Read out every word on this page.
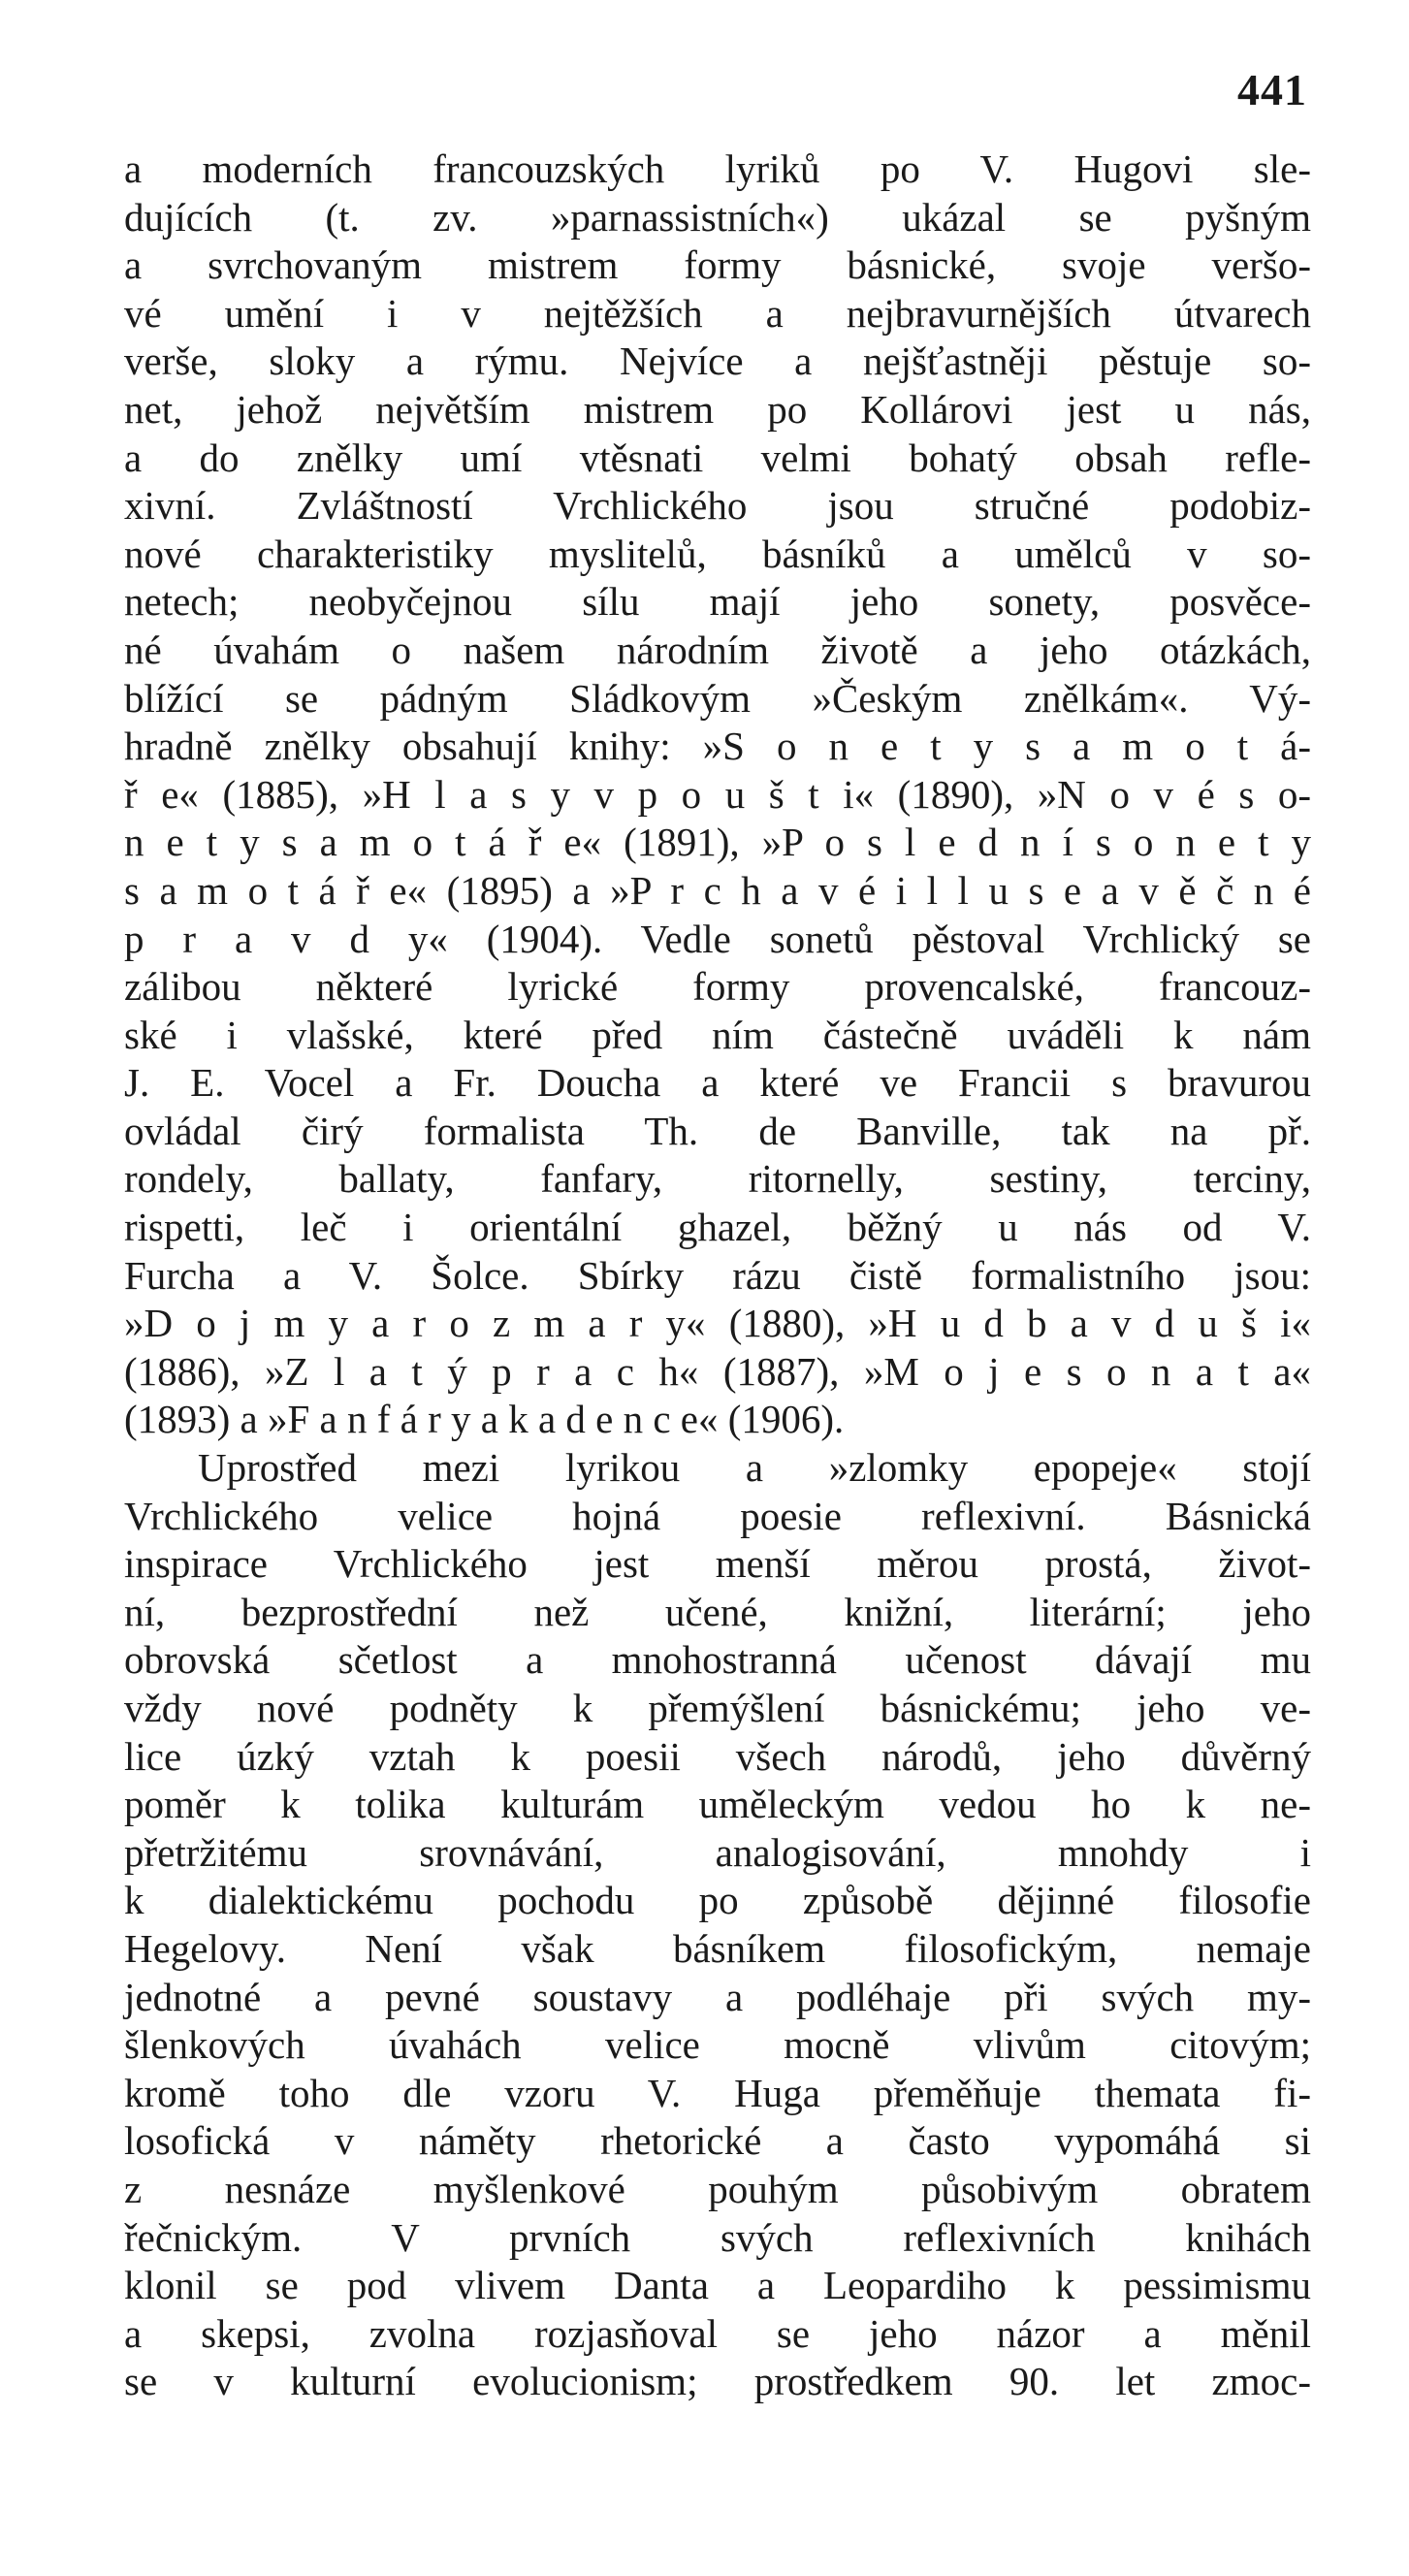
441
a moderních francouzských lyriků po V. Hugovi sle-
dujících (t. zv. »parnassistních«) ukázal se pyšným
a svrchovaným mistrem formy básnické, svoje veršo-
vé umění i v nejtěžších a nejbravurnějších útvarech
verše, sloky a rýmu. Nejvíce a nejšťastněji pěstuje so-
net, jehož největším mistrem po Kollárovi jest u nás,
a do znělky umí vtěsnati velmi bohatý obsah refle-
xivní. Zvláštností Vrchlického jsou stručné podobiz-
nové charakteristiky myslitelů, básníků a umělců v so-
netech; neobyčejnou sílu mají jeho sonety, posvěce-
né úvahám o našem národním životě a jeho otázkách,
blížící se pádným Sládkovým »Českým znělkám«. Vý-
hradně znělky obsahují knihy: »S o n e t y s a m o t á-
ř e« (1885), »H l a s y v p o u š t i« (1890), »N o v é s o-
n e t y s a m o t á ř e« (1891), »P o s l e d n í s o n e t y
s a m o t á ř e« (1895) a »P r c h a v é i l l u s e a v ě č n é
p r a v d y« (1904). Vedle sonetů pěstoval Vrchlický se
zálibou některé lyrické formy provencalské, francouz-
ské i vlašské, které před ním částečně uváděli k nám
J. E. Vocel a Fr. Doucha a které ve Francii s bravurou
ovládal čirý formalista Th. de Banville, tak na př.
rondely, ballaty, fanfary, ritornelly, sestiny, terciny,
rispetti, leč i orientální ghazel, běžný u nás od V.
Furcha a V. Šolce. Sbírky rázu čistě formalistního jsou:
»D o j m y a r o z m a r y« (1880), »H u d b a v d u š i«
(1886), »Z l a t ý p r a c h« (1887), »M o j e s o n a t a«
(1893) a »F a n f á r y a k a d e n c e« (1906).
Uprostřed mezi lyrikou a »zlomky epopeje« stojí
Vrchlického velice hojná poesie reflexivní. Básnická
inspirace Vrchlického jest menší měrou prostá, život-
ní, bezprostřední než učené, knižní, literární; jeho
obrovská sčetlost a mnohostranná učenost dávají mu
vždy nové podněty k přemýšlení básnickému; jeho ve-
lice úzký vztah k poesii všech národů, jeho důvěrný
poměr k tolika kulturám uměleckým vedou ho k ne-
přetržitému srovnávání, analogisování, mnohdy i
k dialektickému pochodu po způsobě dějinné filosofie
Hegelovy. Není však básníkem filosofickým, nemaje
jednotné a pevné soustavy a podléhaje při svých my-
šlenkových úvahách velice mocně vlivům citovým;
kromě toho dle vzoru V. Huga přeměňuje themata fi-
losofická v náměty rhetorické a často vypomáhá si
z nesnáze myšlenkové pouhým působivým obratem
řečnickým. V prvních svých reflexivních knihách
klonil se pod vlivem Danta a Leopardiho k pessimismu
a skepsi, zvolna rozjasňoval se jeho názor a měnil
se v kulturní evolucionism; prostředkem 90. let zmoc-
